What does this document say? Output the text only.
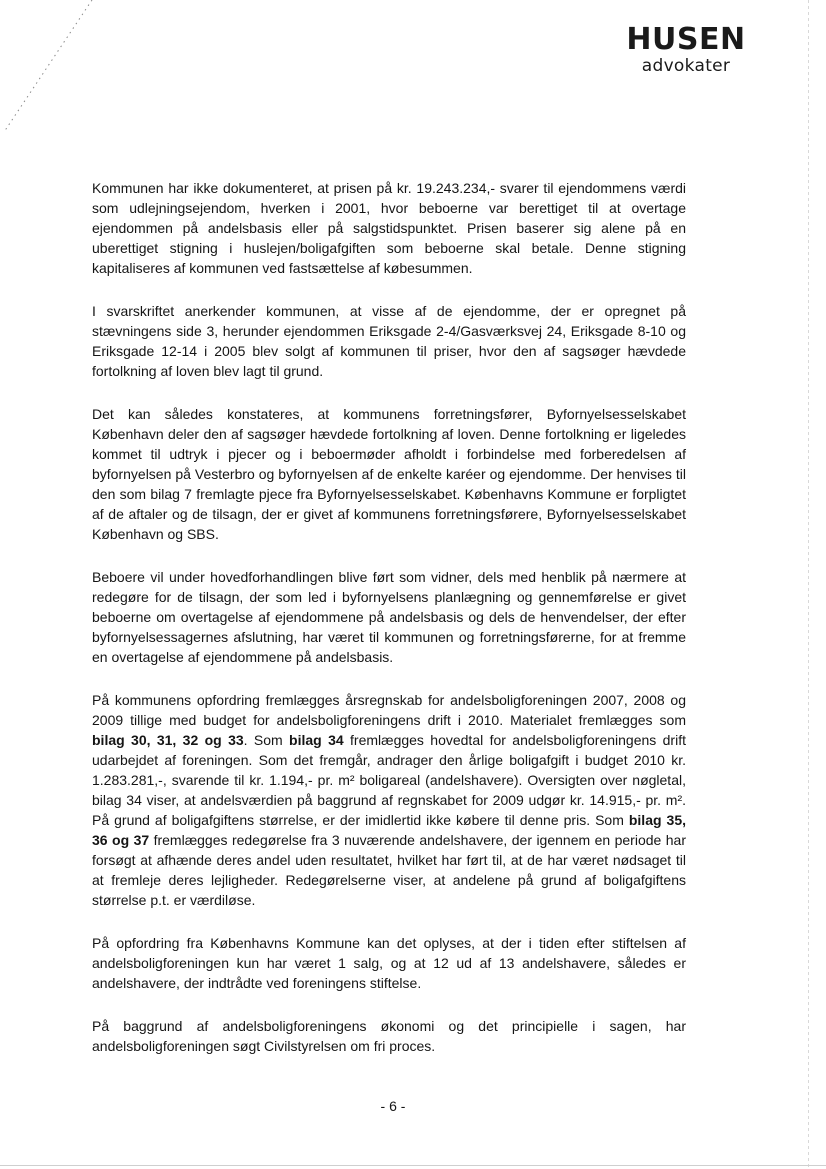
HUSEN
advokater

Kommunen har ikke dokumenteret, at prisen på kr. 19.243.234,- svarer til ejendommens værdi som udlejningsejendom, hverken i 2001, hvor beboerne var berettiget til at overtage ejendommen på andelsbasis eller på salgstidspunktet. Prisen baserer sig alene på en uberettiget stigning i huslejen/boligafgiften som beboerne skal betale. Denne stigning kapitaliseres af kommunen ved fastsættelse af købesummen.

I svarskriftet anerkender kommunen, at visse af de ejendomme, der er opregnet på stævningens side 3, herunder ejendommen Eriksgade 2-4/Gasværksvej 24, Eriksgade 8-10 og Eriksgade 12-14 i 2005 blev solgt af kommunen til priser, hvor den af sagsøger hævdede fortolkning af loven blev lagt til grund.

Det kan således konstateres, at kommunens forretningsfører, Byfornyelsesselskabet København deler den af sagsøger hævdede fortolkning af loven. Denne fortolkning er ligeledes kommet til udtryk i pjecer og i beboermøder afholdt i forbindelse med forberedelsen af byfornyelsen på Vesterbro og byfornyelsen af de enkelte karéer og ejendomme. Der henvises til den som bilag 7 fremlagte pjece fra Byfornyelsesselskabet. Københavns Kommune er forpligtet af de aftaler og de tilsagn, der er givet af kommunens forretningsførere, Byfornyelsesselskabet København og SBS.

Beboere vil under hovedforhandlingen blive ført som vidner, dels med henblik på nærmere at redegøre for de tilsagn, der som led i byfornyelsens planlægning og gennemførelse er givet beboerne om overtagelse af ejendommene på andelsbasis og dels de henvendelser, der efter byfornyelsessagernes afslutning, har været til kommunen og forretningsførerne, for at fremme en overtagelse af ejendommene på andelsbasis.

På kommunens opfordring fremlægges årsregnskab for andelsboligforeningen 2007, 2008 og 2009 tillige med budget for andelsboligforeningens drift i 2010. Materialet fremlægges som bilag 30, 31, 32 og 33. Som bilag 34 fremlægges hovedtal for andelsboligforeningens drift udarbejdet af foreningen. Som det fremgår, andrager den årlige boligafgift i budget 2010 kr. 1.283.281,-, svarende til kr. 1.194,- pr. m² boligareal (andelshavere). Oversigten over nøgletal, bilag 34 viser, at andelsværdien på baggrund af regnskabet for 2009 udgør kr. 14.915,- pr. m². På grund af boligafgiftens størrelse, er der imidlertid ikke købere til denne pris. Som bilag 35, 36 og 37 fremlægges redegørelse fra 3 nuværende andelshavere, der igennem en periode har forsøgt at afhænde deres andel uden resultatet, hvilket har ført til, at de har været nødsaget til at fremleje deres lejligheder. Redegørelserne viser, at andelene på grund af boligafgiftens størrelse p.t. er værdiløse.

På opfordring fra Københavns Kommune kan det oplyses, at der i tiden efter stiftelsen af andelsboligforeningen kun har været 1 salg, og at 12 ud af 13 andelshavere, således er andelshavere, der indtrådte ved foreningens stiftelse.

På baggrund af andelsboligforeningens økonomi og det principielle i sagen, har andelsboligforeningen søgt Civilstyrelsen om fri proces.

- 6 -
